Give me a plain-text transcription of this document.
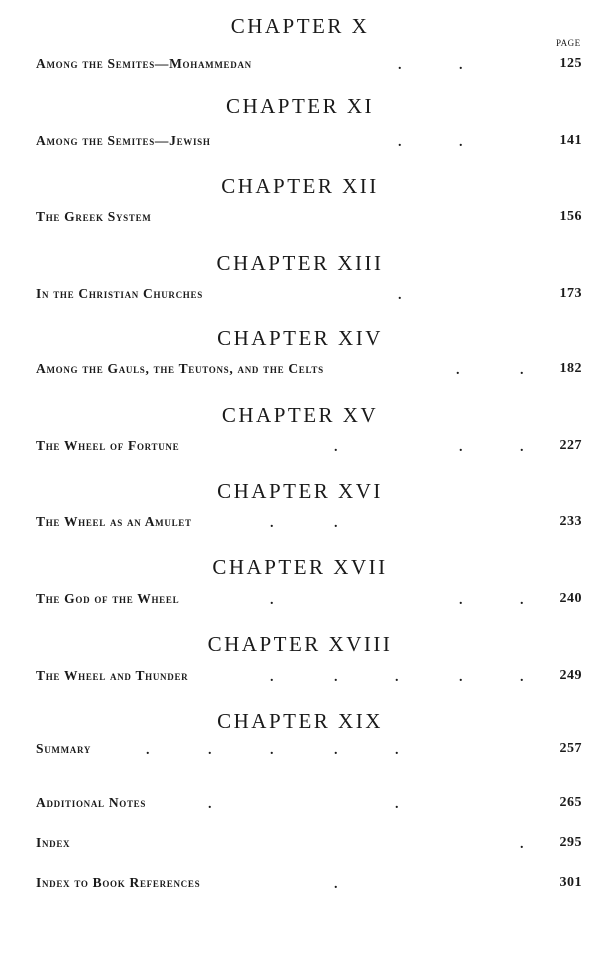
PAGE
CHAPTER X
Among the Semites—Mohammedan	.	.	125
CHAPTER XI
Among the Semites—Jewish	.	.	141
CHAPTER XII
The Greek System	156
CHAPTER XIII
In the Christian Churches	.	173
CHAPTER XIV
Among the Gauls, the Teutons, and the Celts	.	.	182
CHAPTER XV
The Wheel of Fortune	.	.	.	227
CHAPTER XVI
The Wheel as an Amulet	.	.	233
CHAPTER XVII
The God of the Wheel	.	.	.	240
CHAPTER XVIII
The Wheel and Thunder	.	.	.	.	.	249
CHAPTER XIX
Summary	.	.	.	.	.	257
Additional Notes	.	.	265
Index	.	295
Index to Book References	.	301
